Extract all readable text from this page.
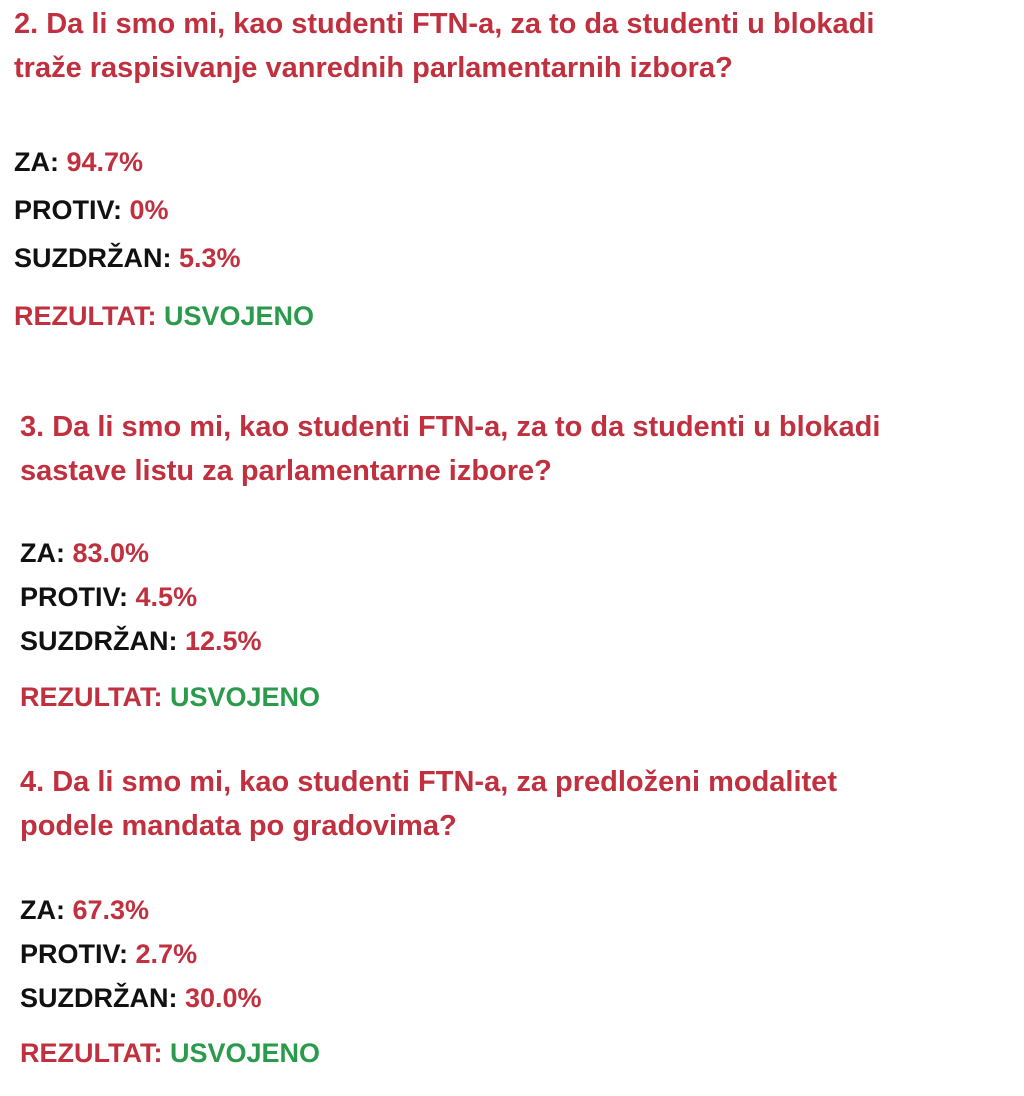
2. Da li smo mi, kao studenti FTN-a, za to da studenti u blokadi
traže raspisivanje vanrednih parlamentarnih izbora?

ZA: 94.7%
PROTIV: 0%
SUZDRŽAN: 5.3%
REZULTAT: USVOJENO

3. Da li smo mi, kao studenti FTN-a, za to da studenti u blokadi
sastave listu za parlamentarne izbore?

ZA: 83.0%
PROTIV: 4.5%
SUZDRŽAN: 12.5%
REZULTAT: USVOJENO

4. Da li smo mi, kao studenti FTN-a, za predloženi modalitet
podele mandata po gradovima?

ZA: 67.3%
PROTIV: 2.7%
SUZDRŽAN: 30.0%
REZULTAT: USVOJENO
